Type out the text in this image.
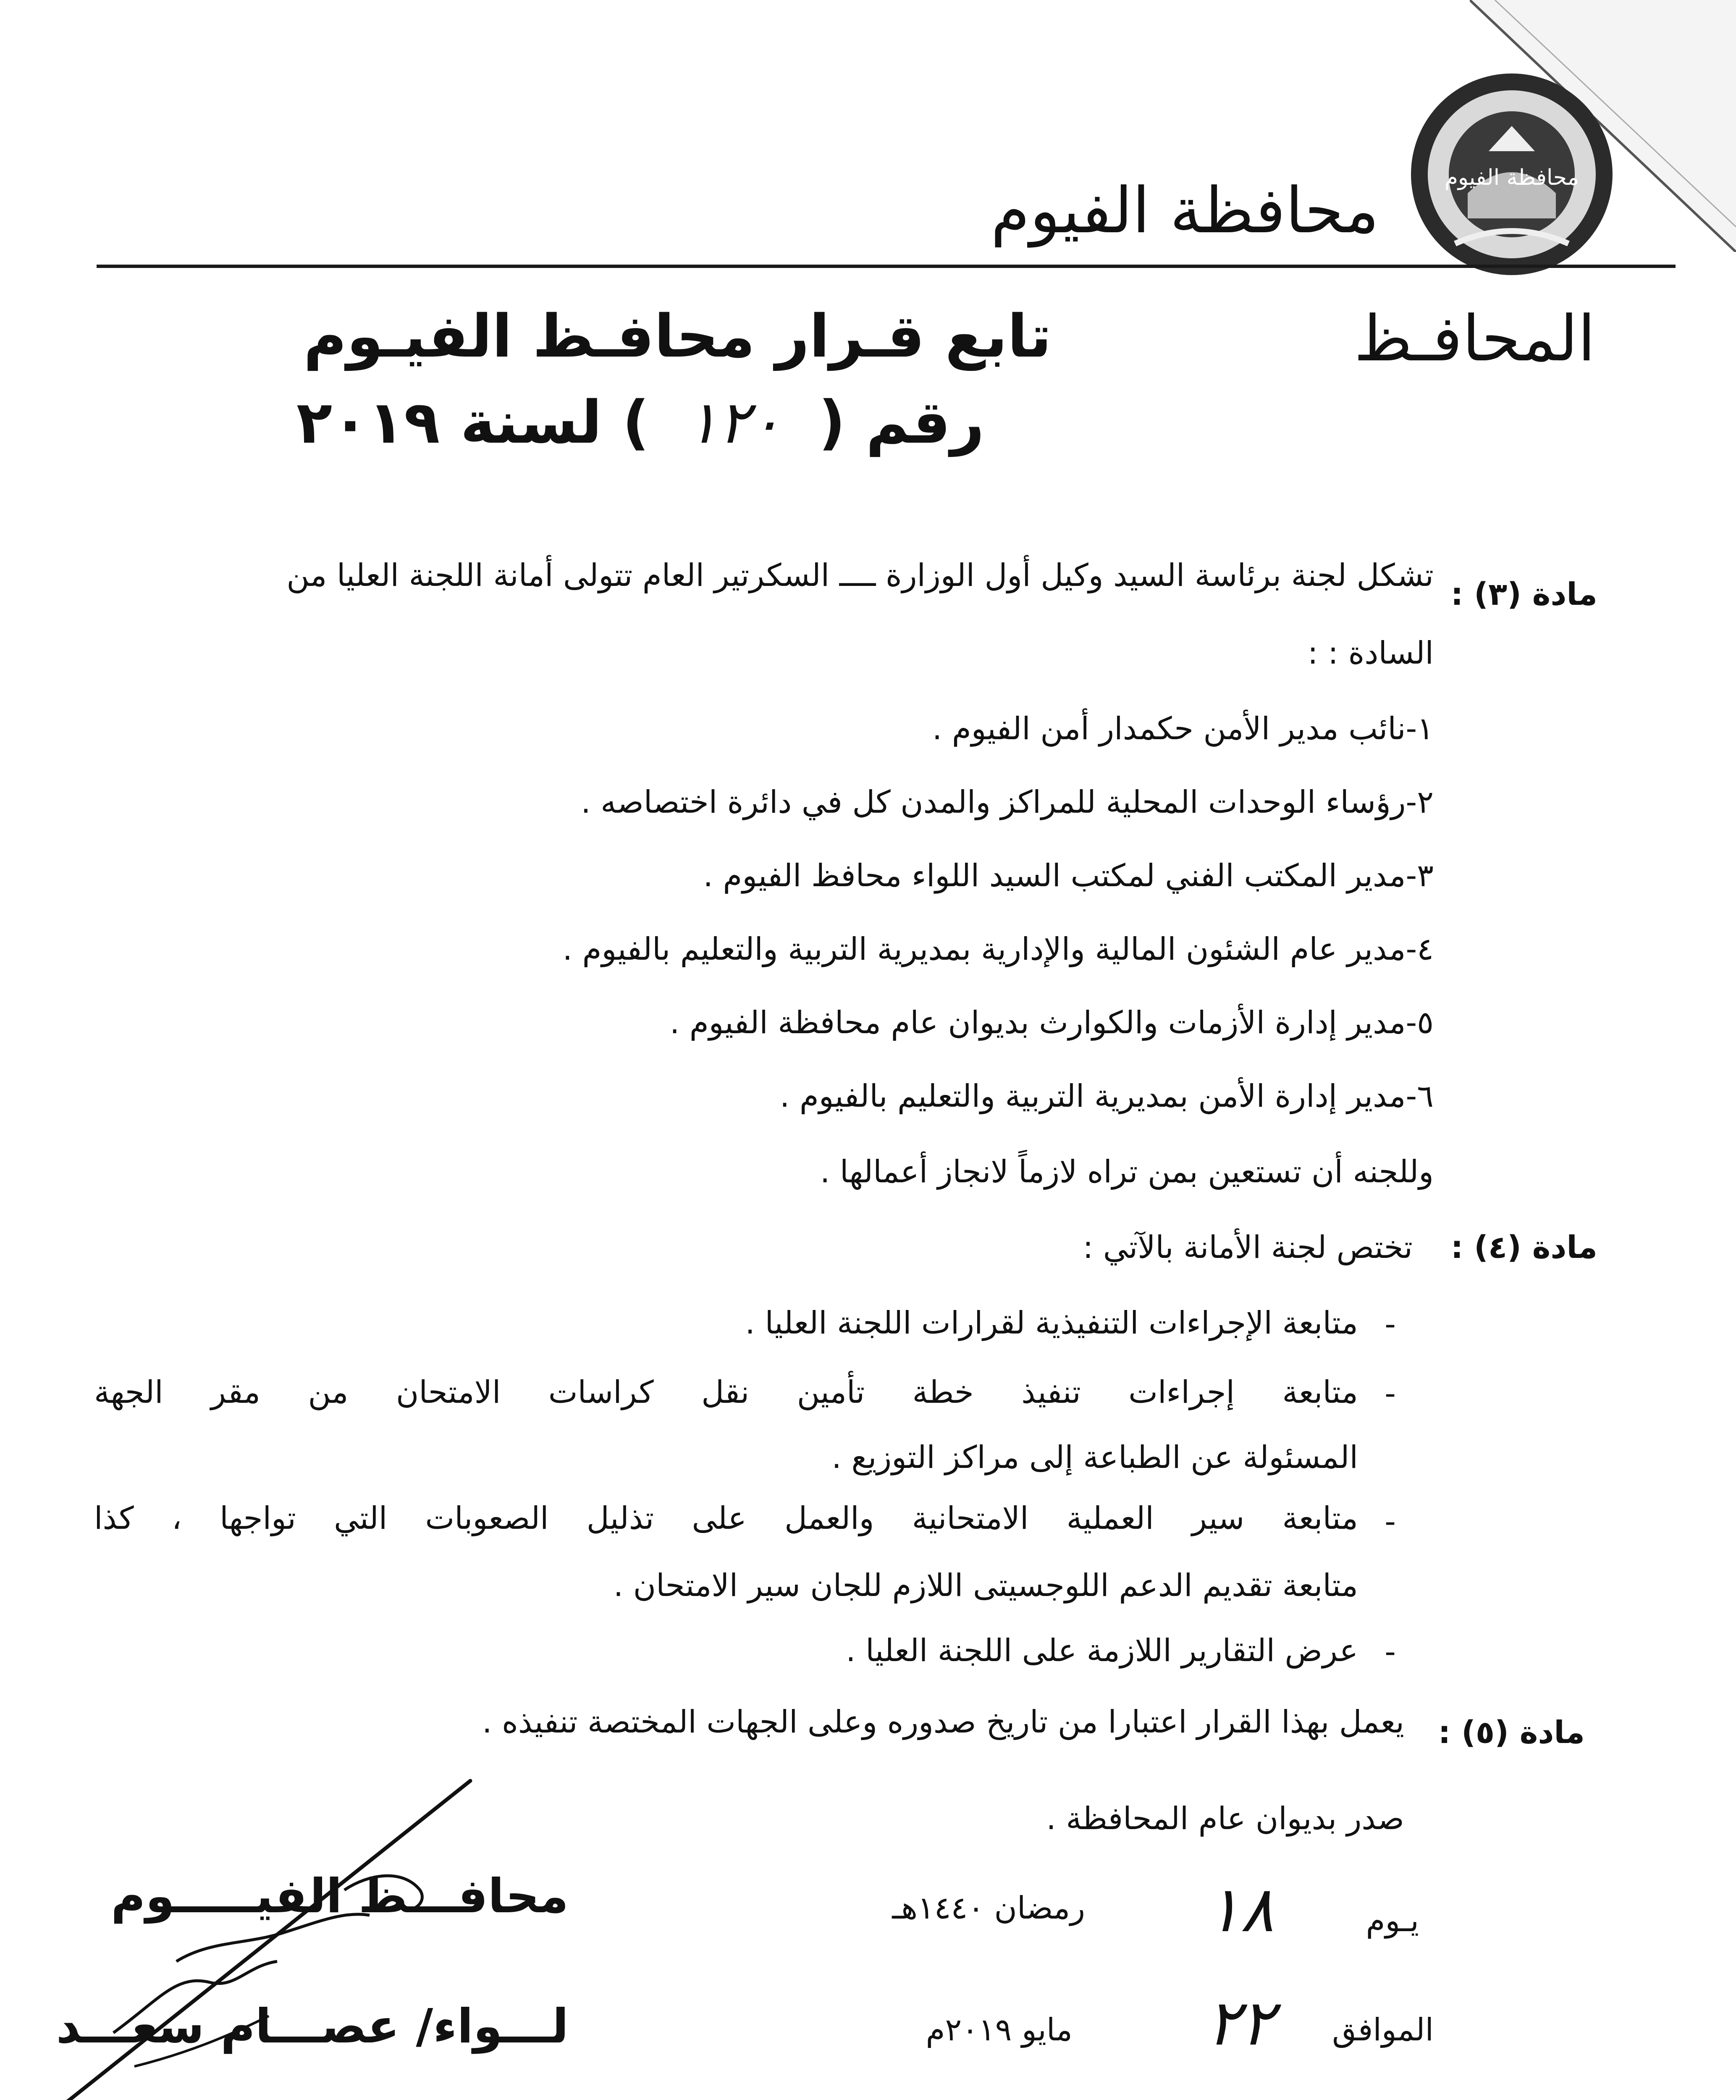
محافظة الفيوم
محافظة الفيوم
المحافـظ
تابع قـرار محافـظ الفيـوم
رقم ( ١٢٠ ) لسنة ٢٠١٩
مادة (٣) :
تشكل لجنة برئاسة السيد وكيل أول الوزارة ــــ السكرتير العام تتولى أمانة اللجنة العليا من
السادة : :
١-نائب مدير الأمن حكمدار أمن الفيوم .
٢-رؤساء الوحدات المحلية للمراكز والمدن كل في دائرة اختصاصه .
٣-مدير المكتب الفني لمكتب السيد اللواء محافظ الفيوم .
٤-مدير عام الشئون المالية والإدارية بمديرية التربية والتعليم بالفيوم .
٥-مدير إدارة الأزمات والكوارث بديوان عام محافظة الفيوم .
٦-مدير إدارة الأمن بمديرية التربية والتعليم بالفيوم .
وللجنه أن تستعين بمن تراه لازماً لانجاز أعمالها .
مادة (٤) :
تختص لجنة الأمانة بالآتي :
-
متابعة الإجراءات التنفيذية لقرارات اللجنة العليا .
-
متابعة إجراءات تنفيذ خطة تأمين نقل كراسات الامتحان من مقر الجهة
المسئولة عن الطباعة إلى مراكز التوزيع .
-
متابعة سير العملية الامتحانية والعمل على تذليل الصعوبات التي تواجها ، كذا
متابعة تقديم الدعم اللوجسيتى اللازم للجان سير الامتحان .
-
عرض التقارير اللازمة على اللجنة العليا .
مادة (٥) :
يعمل بهذا القرار اعتبارا من تاريخ صدوره وعلى الجهات المختصة تنفيذه .
صدر بديوان عام المحافظة .
يـوم
١٨
رمضان ١٤٤٠هـ
الموافق
٢٢
مايو ٢٠١٩م
محافـــظ الفيـــــوم
لـــواء/ عصـــام سعـــد
